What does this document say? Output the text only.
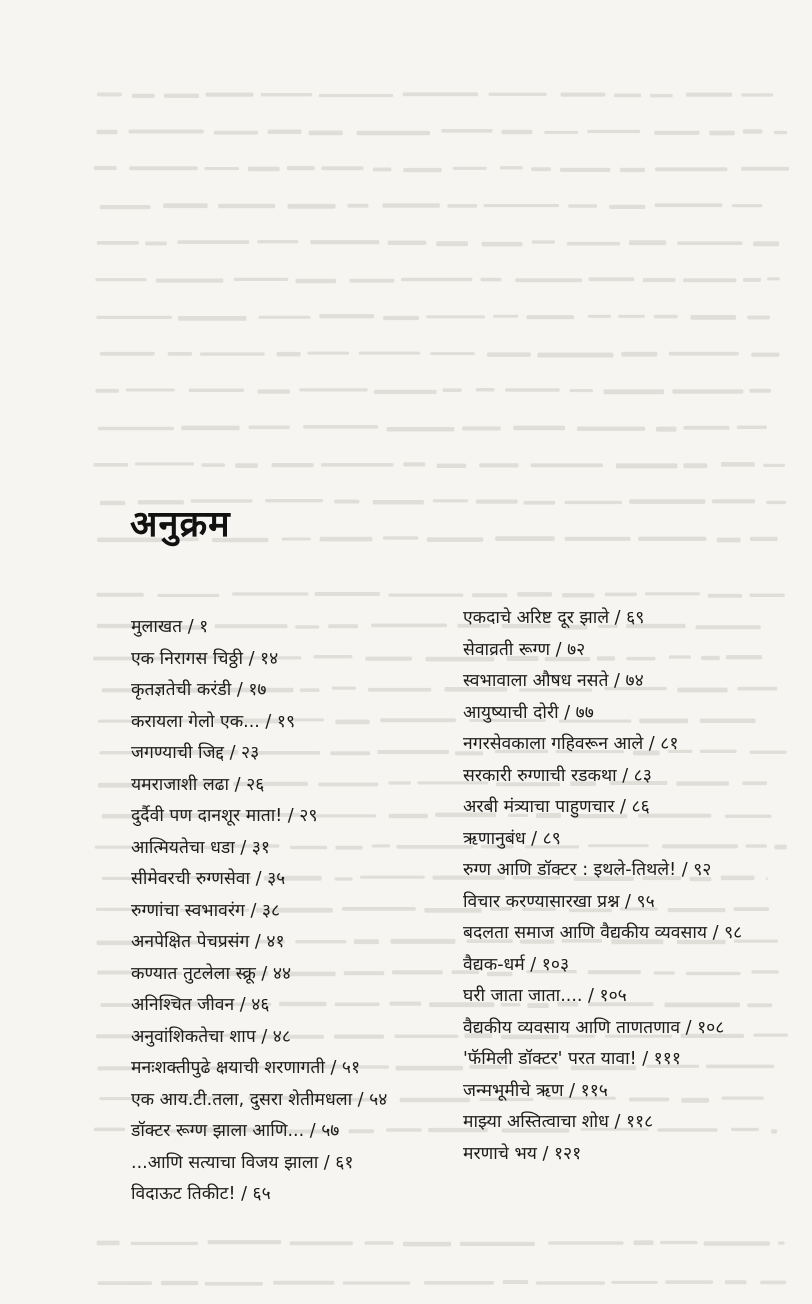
अनुक्रम
मुलाखत / १
एक निरागस चिठ्ठी / १४
कृतज्ञतेची करंडी / १७
करायला गेलो एक... / १९
जगण्याची जिद्द / २३
यमराजाशी लढा / २६
दुर्दैवी पण दानशूर माता! / २९
आत्मियतेचा धडा / ३१
सीमेवरची रुग्णसेवा / ३५
रुग्णांचा स्वभावरंग / ३८
अनपेक्षित पेचप्रसंग / ४१
कण्यात तुटलेला स्क्रू / ४४
अनिश्चित जीवन / ४६
अनुवांशिकतेचा शाप / ४८
मनःशक्तीपुढे क्षयाची शरणागती / ५१
एक आय.टी.तला, दुसरा शेतीमधला / ५४
डॉक्टर रूग्ण झाला आणि... / ५७
...आणि सत्याचा विजय झाला / ६१
विदाऊट तिकीट! / ६५
एकदाचे अरिष्ट दूर झाले / ६९
सेवाव्रती रूग्ण / ७२
स्वभावाला औषध नसते / ७४
आयुष्याची दोरी / ७७
नगरसेवकाला गहिवरून आले / ८१
सरकारी रुग्णाची रडकथा / ८३
अरबी मंत्र्याचा पाहुणचार / ८६
ऋणानुबंध / ८९
रुग्ण आणि डॉक्टर : इथले-तिथले! / ९२
विचार करण्यासारखा प्रश्न / ९५
बदलता समाज आणि वैद्यकीय व्यवसाय / ९८
वैद्यक-धर्म / १०३
घरी जाता जाता.... / १०५
वैद्यकीय व्यवसाय आणि ताणतणाव / १०८
'फॅमिली डॉक्टर' परत यावा! / १११
जन्मभूमीचे ऋण / ११५
माझ्या अस्तित्वाचा शोध / ११८
मरणाचे भय / १२१
